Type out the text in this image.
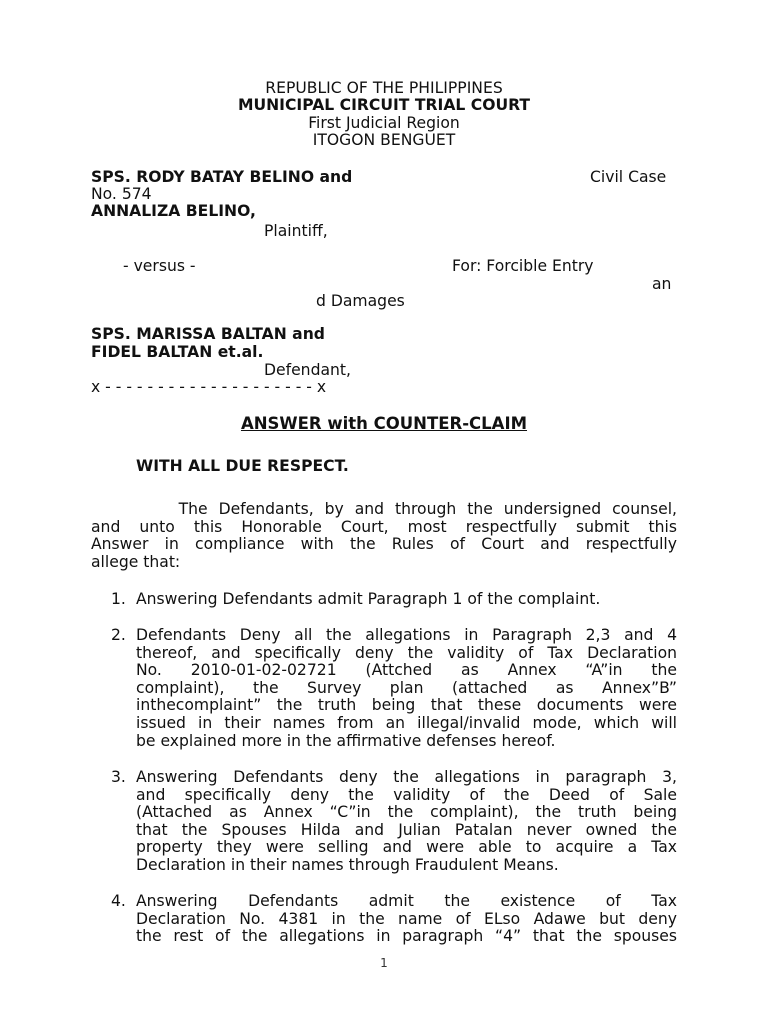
REPUBLIC OF THE PHILIPPINES
MUNICIPAL CIRCUIT TRIAL COURT
First Judicial Region
ITOGON BENGUET
SPS. RODY BATAY BELINO and	Civil Case
No. 574
ANNALIZA BELINO,
Plaintiff,
- versus -	For: Forcible Entry
an
d Damages
SPS. MARISSA BALTAN and
FIDEL BALTAN et.al.
Defendant,
x - - - - - - - - - - - - - - - - - - - - x
ANSWER with COUNTER-CLAIM
WITH ALL DUE RESPECT.
The Defendants, by and through the undersigned counsel,
and unto this Honorable Court, most respectfully submit this
Answer in compliance with the Rules of Court and respectfully
allege that:
1. Answering Defendants admit Paragraph 1 of the complaint.
2. Defendants Deny all the allegations in Paragraph 2,3 and 4
thereof, and specifically deny the validity of Tax Declaration
No. 2010-01-02-02721 (Attched as Annex “A”in the
complaint), the Survey plan (attached as Annex”B”
inthecomplaint” the truth being that these documents were
issued in their names from an illegal/invalid mode, which will
be explained more in the affirmative defenses hereof.
3. Answering Defendants deny the allegations in paragraph 3,
and specifically deny the validity of the Deed of Sale
(Attached as Annex “C”in the complaint), the truth being
that the Spouses Hilda and Julian Patalan never owned the
property they were selling and were able to acquire a Tax
Declaration in their names through Fraudulent Means.
4. Answering Defendants admit the existence of Tax
Declaration No. 4381 in the name of ELso Adawe but deny
the rest of the allegations in paragraph “4” that the spouses
1
